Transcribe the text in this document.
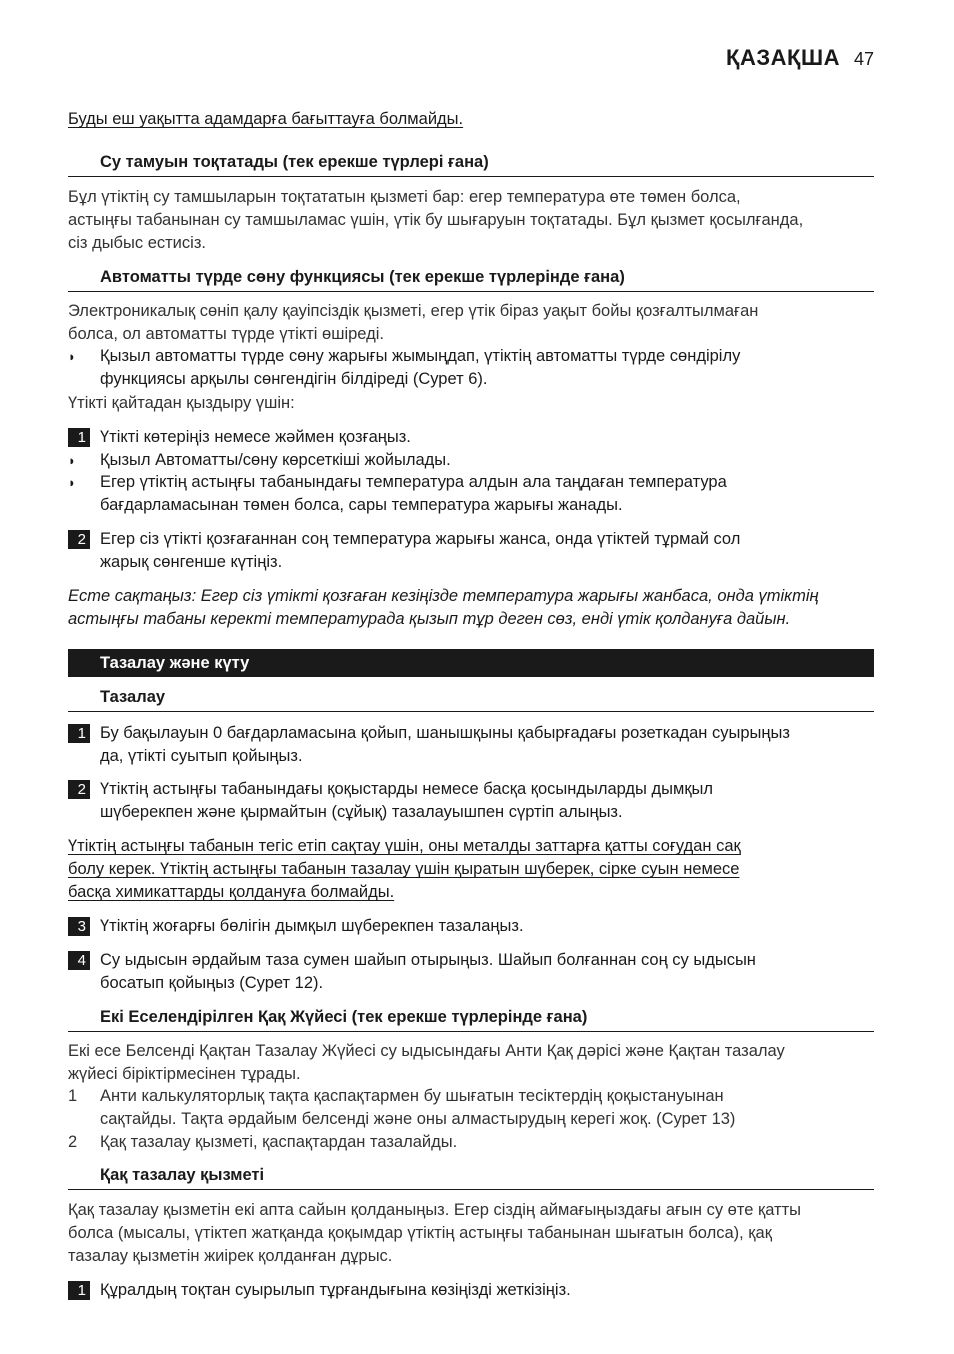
ҚАЗАҚША 47

Буды еш уақытта адамдарға бағыттауға болмайды.

Су тамуын тоқтатады (тек ерекше түрлері ғана)

Бұл үтіктің су тамшыларын тоқтататын қызметі бар: егер температура өте төмен болса,

астыңғы табанынан су тамшыламас үшін, үтік бу шығаруын тоқтатады. Бұл қызмет қосылғанда,

сіз дыбыс естисіз.

Автоматты түрде сөну функциясы (тек ерекше түрлерінде ғана)

Электроникалық сөніп қалу қауіпсіздік қызметі, егер үтік біраз уақыт бойы қозғалтылмаған

болса, ол автоматты түрде үтікті өшіреді.

◗	Қызыл автоматты түрде сөну жарығы жымыңдап, үтіктің автоматты түрде сөндірілу

функциясы арқылы сөнгендігін білдіреді (Сурет 6).

Үтікті қайтадан қыздыру үшін:

1 Үтікті көтеріңіз немесе жәймен қозғаңыз.

◗	Қызыл Автоматты/сөну көрсеткіші жойылады.

◗	Егер үтіктің астыңғы табанындағы температура алдын ала таңдаған температура

бағдарламасынан төмен болса, сары температура жарығы жанады.

2 Егер сіз үтікті қозғағаннан соң температура жарығы жанса, онда үтіктей тұрмай сол

жарық сөнгенше күтіңіз.

Есте сақтаңыз: Егер сіз үтікті қозғаған кезіңізде температура жарығы жанбаса, онда үтіктің

астыңғы табаны керекті температурада қызып тұр деген сөз, енді үтік қолдануға дайын.

Тазалау және күту
Тазалау
1 Бу бақылауын 0 бағдарламасына қойып, шанышқыны қабырғадағы розеткадан суырыңыз

да, үтікті суытып қойыңыз.

2 Үтіктің астыңғы табанындағы қоқыстарды немесе басқа қосындыларды дымқыл

шүберекпен және қырмайтын (сұйық) тазалауышпен сүртіп алыңыз.

Үтіктің астыңғы табанын тегіс етіп сақтау үшін, оны металды заттарға қатты соғудан сақ

болу керек. Үтіктің астыңғы табанын тазалау үшін қыратын шүберек, сірке суын немесе

басқа химикаттарды қолдануға болмайды.

3 Үтіктің жоғарғы бөлігін дымқыл шүберекпен тазалаңыз.

4 Су ыдысын әрдайым таза сумен шайып отырыңыз. Шайып болғаннан соң су ыдысын

босатып қойыңыз (Сурет 12).

Екі Еселендірілген Қақ Жүйесі (тек ерекше түрлерінде ғана)

Екі есе Белсенді Қақтан Тазалау Жүйесі су ыдысындағы Анти Қақ дәрісі және Қақтан тазалау

жүйесі біріктірмесінен тұрады.

1	Анти калькуляторлық тақта қаспақтармен бу шығатын тесіктердің қоқыстануынан

сақтайды. Тақта әрдайым белсенді және оны алмастырудың керегі жоқ. (Сурет 13)

2	Қақ тазалау қызметі, қаспақтардан тазалайды.

Қақ тазалау қызметі

Қақ тазалау қызметін екі апта сайын қолданыңыз. Егер сіздің аймағыңыздағы ағын су өте қатты

болса (мысалы, үтіктеп жатқанда қоқымдар үтіктің астыңғы табанынан шығатын болса), қақ

тазалау қызметін жиірек қолданған дұрыс.

1 Құралдың тоқтан суырылып тұрғандығына көзіңізді жеткізіңіз.
